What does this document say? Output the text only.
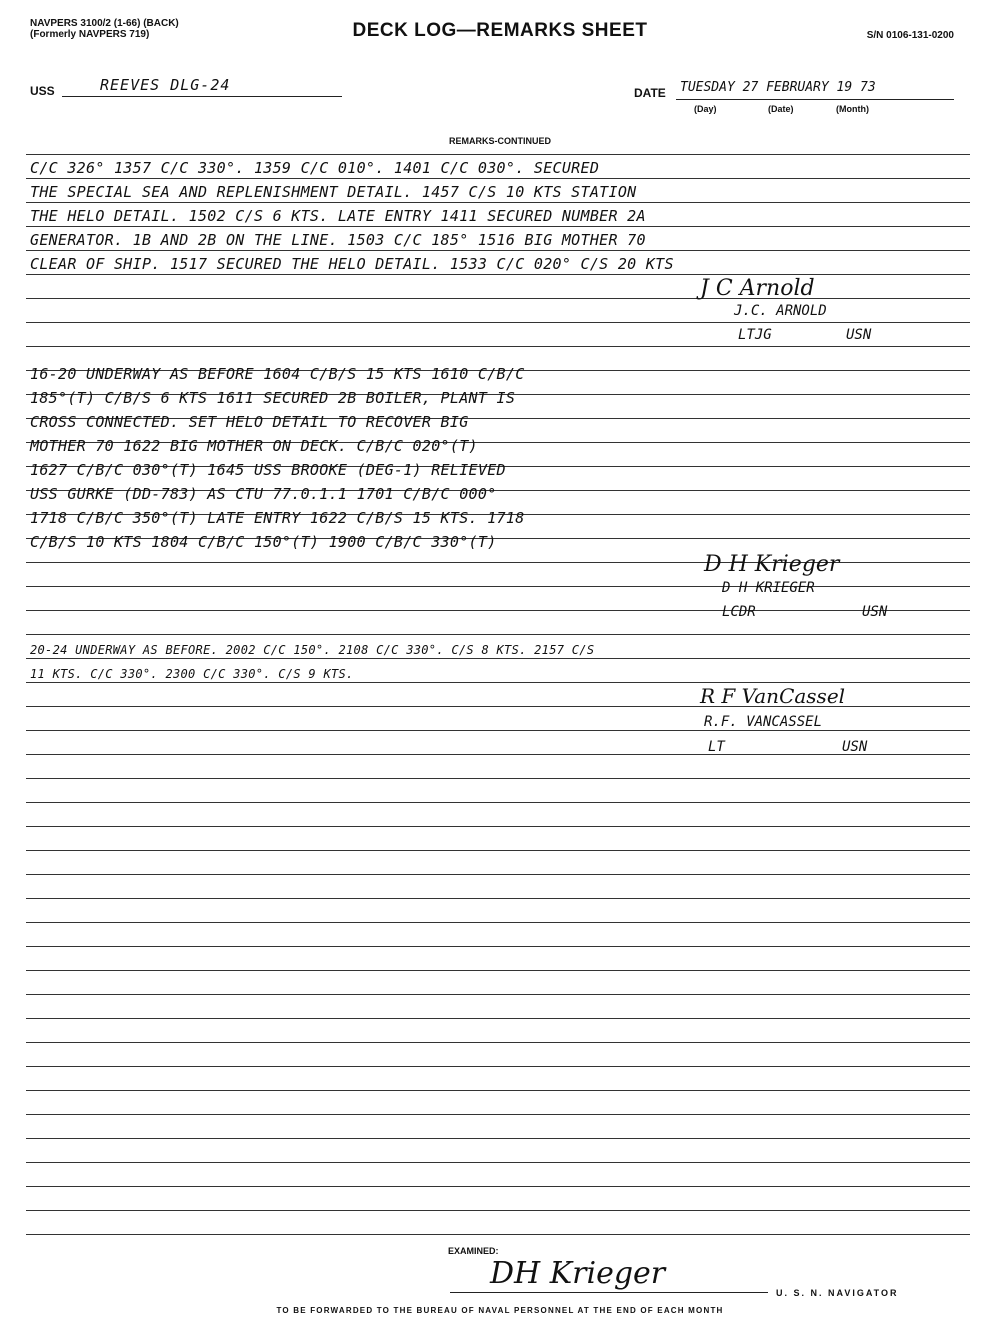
NAVPERS 3100/2 (1-66) (BACK)
(Formerly NAVPERS 719)	DECK LOG—REMARKS SHEET	S/N 0106-131-0200
USS	REEVES DLG-24	DATE TUESDAY 27 FEBRUARY 19 73
(Day)	(Date)	(Month)
REMARKS-CONTINUED
C/C 326° 1357 C/C 330°. 1359 C/C 010°. 1401 C/C 030°. SECURED
THE SPECIAL SEA AND REPLENISHMENT DETAIL. 1457 C/S 10 KTS STATION
THE HELO DETAIL. 1502 C/S 6 KTS. LATE ENTRY 1411 SECURED NUMBER 2A
GENERATOR. 1B AND 2B ON THE LINE. 1503 C/C 185° 1516 BIG MOTHER 70
CLEAR OF SHIP. 1517 SECURED THE HELO DETAIL. 1533 C/C 020° C/S 20 KTS
J C Arnold
J.C. ARNOLD
LTJG	USN
16-20 UNDERWAY AS BEFORE 1604 C/B/S 15 KTS 1610 C/B/C
185°(T) C/B/S 6 KTS 1611 SECURED 2B BOILER, PLANT IS
CROSS CONNECTED. SET HELO DETAIL TO RECOVER BIG
MOTHER 70 1622 BIG MOTHER ON DECK. C/B/C 020°(T)
1627 C/B/C 030°(T) 1645 USS BROOKE (DEG-1) RELIEVED
USS GURKE (DD-783) AS CTU 77.0.1.1 1701 C/B/C 000°
1718 C/B/C 350°(T) LATE ENTRY 1622 C/B/S 15 KTS. 1718
C/B/S 10 KTS 1804 C/B/C 150°(T) 1900 C/B/C 330°(T)
D H Krieger
D H KRIEGER
LCDR	USN
20-24 UNDERWAY AS BEFORE. 2002 C/C 150°. 2108 C/C 330°. C/S 8 KTS. 2157 C/S
11 KTS. C/C 330°. 2300 C/C 330°. C/S 9 KTS.
R F VanCassel
R.F. VANCASSEL
LT	USN
EXAMINED:
DH Krieger
U. S. N. NAVIGATOR
TO BE FORWARDED TO THE BUREAU OF NAVAL PERSONNEL AT THE END OF EACH MONTH
